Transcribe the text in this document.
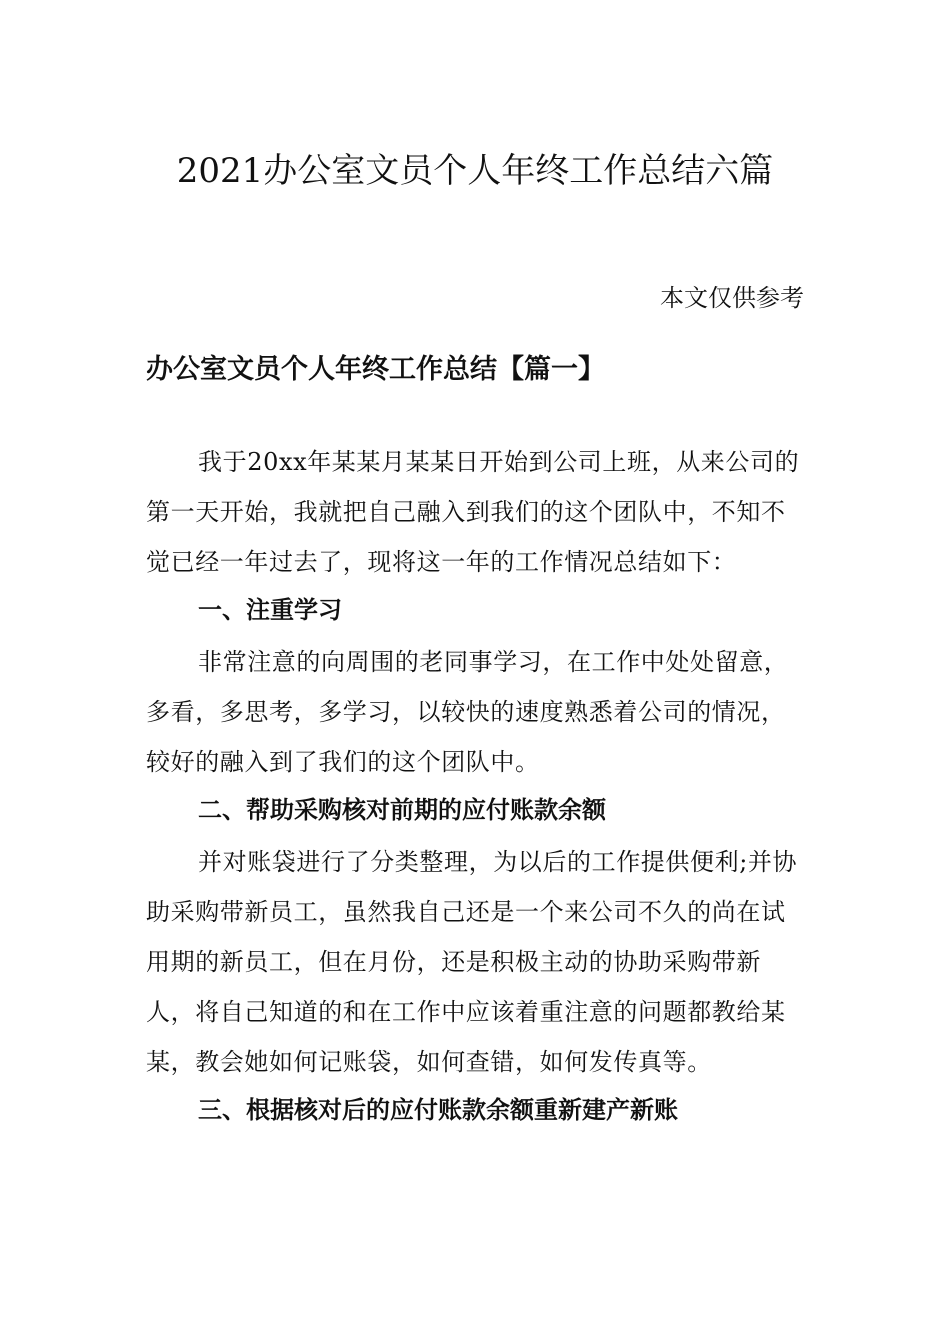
2021办公室文员个人年终工作总结六篇
本文仅供参考
办公室文员个人年终工作总结【篇一】
我于20xx年某某月某某日开始到公司上班，从来公司的第一天开始，我就把自己融入到我们的这个团队中，不知不觉已经一年过去了，现将这一年的工作情况总结如下：
一、注重学习
非常注意的向周围的老同事学习，在工作中处处留意，多看，多思考，多学习，以较快的速度熟悉着公司的情况，较好的融入到了我们的这个团队中。
二、帮助采购核对前期的应付账款余额
并对账袋进行了分类整理，为以后的工作提供便利;并协助采购带新员工，虽然我自己还是一个来公司不久的尚在试用期的新员工，但在月份，还是积极主动的协助采购带新人，将自己知道的和在工作中应该着重注意的问题都教给某某，教会她如何记账袋，如何查错，如何发传真等。
三、根据核对后的应付账款余额重新建产新账
